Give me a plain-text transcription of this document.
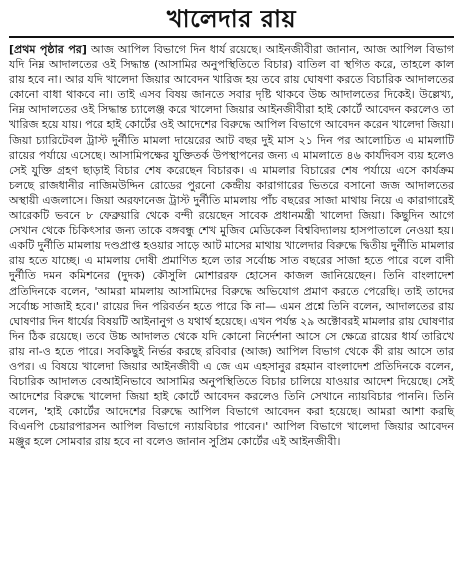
খালেদার রায়

[প্রথম পৃষ্ঠার পর] আজ আপিল বিভাগে দিন ধার্য রয়েছে। আইনজীবীরা জানান, আজ আপিল বিভাগ যদি নিম্ন আদালতের ওই সিদ্ধান্ত (আসামির অনুপস্থিতিতে বিচার) বাতিল বা স্থগিত করে, তাহলে কাল রায় হবে না। আর যদি খালেদা জিয়ার আবেদন খারিজ হয় তবে রায় ঘোষণা করতে বিচারিক আদালতের কোনো বাধা থাকবে না। তাই এসব বিষয় জানতে সবার দৃষ্টি থাকবে উচ্চ আদালতের দিকেই। উল্লেখ্য, নিম্ন আদালতের ওই সিদ্ধান্ত চ্যালেঞ্জ করে খালেদা জিয়ার আইনজীবীরা হাই কোর্টে আবেদন করলেও তা খারিজ হয়ে যায়। পরে হাই কোর্টের ওই আদেশের বিরুদ্ধে আপিল বিভাগে আবেদন করেন খালেদা জিয়া। জিয়া চ্যারিটেবল ট্রাস্ট দুর্নীতি মামলা দায়েরের আট বছর দুই মাস ২১ দিন পর আলোচিত এ মামলাটি রায়ের পর্যায়ে এসেছে। আসামিপক্ষের যুক্তিতর্ক উপস্থাপনের জন্য এ মামলাতে ৪৬ কার্যদিবস ব্যয় হলেও সেই যুক্তি গ্রহণ ছাড়াই বিচার শেষ করেছেন বিচারক। এ মামলার বিচারের শেষ পর্যায়ে এসে কার্যক্রম চলছে রাজধানীর নাজিমউদ্দিন রোডের পুরনো কেন্দ্রীয় কারাগারের ভিতরে বসানো জজ আদালতের অস্থায়ী এজলাসে। জিয়া অরফানেজ ট্রাস্ট দুর্নীতি মামলায় পাঁচ বছরের সাজা মাথায় নিয়ে এ কারাগারেই আরেকটি ভবনে ৮ ফেব্রুয়ারি থেকে বন্দী রয়েছেন সাবেক প্রধানমন্ত্রী খালেদা জিয়া। কিছুদিন আগে সেখান থেকে চিকিৎসার জন্য তাকে বঙ্গবন্ধু শেখ মুজিব মেডিকেল বিশ্ববিদ্যালয় হাসপাতালে নেওয়া হয়। একটি দুর্নীতি মামলায় দণ্ডপ্রাপ্ত হওয়ার সাড়ে আট মাসের মাথায় খালেদার বিরুদ্ধে দ্বিতীয় দুর্নীতি মামলার রায় হতে যাচ্ছে। এ মামলায় দোষী প্রমাণিত হলে তার সর্বোচ্চ সাত বছরের সাজা হতে পারে বলে বাদী দুর্নীতি দমন কমিশনের (দুদক) কৌসুলি মোশাররফ হোসেন কাজল জানিয়েছেন। তিনি বাংলাদেশ প্রতিদিনকে বলেন, 'আমরা মামলায় আসামিদের বিরুদ্ধে অভিযোগ প্রমাণ করতে পেরেছি। তাই তাদের সর্বোচ্চ সাজাই হবে।' রায়ের দিন পরিবর্তন হতে পারে কি না— এমন প্রশ্নে তিনি বলেন, আদালতের রায় ঘোষণার দিন ধার্যের বিষয়টি আইনানুগ ও যথার্থ হয়েছে। এখন পর্যন্ত ২৯ অক্টোবরই মামলার রায় ঘোষণার দিন ঠিক রয়েছে। তবে উচ্চ আদালত থেকে যদি কোনো নির্দেশনা আসে সে ক্ষেত্রে রায়ের ধার্য তারিখে রায় না-ও হতে পারে। সবকিছুই নির্ভর করছে রবিবার (আজ) আপিল বিভাগ থেকে কী রায় আসে তার ওপর। এ বিষয়ে খালেদা জিয়ার আইনজীবী এ জে এম এহসানুর রহমান বাংলাদেশ প্রতিদিনকে বলেন, বিচারিক আদালত বেআইনিভাবে আসামির অনুপস্থিতিতে বিচার চালিয়ে যাওয়ার আদেশ দিয়েছে। সেই আদেশের বিরুদ্ধে খালেদা জিয়া হাই কোর্টে আবেদন করলেও তিনি সেখানে ন্যায়বিচার পাননি। তিনি বলেন, 'হাই কোর্টের আদেশের বিরুদ্ধে আপিল বিভাগে আবেদন করা হয়েছে। আমরা আশা করছি বিএনপি চেয়ারপারসন আপিল বিভাগে ন্যায়বিচার পাবেন।' আপিল বিভাগে খালেদা জিয়ার আবেদন মঞ্জুর হলে সোমবার রায় হবে না বলেও জানান সুপ্রিম কোর্টের এই আইনজীবী।
